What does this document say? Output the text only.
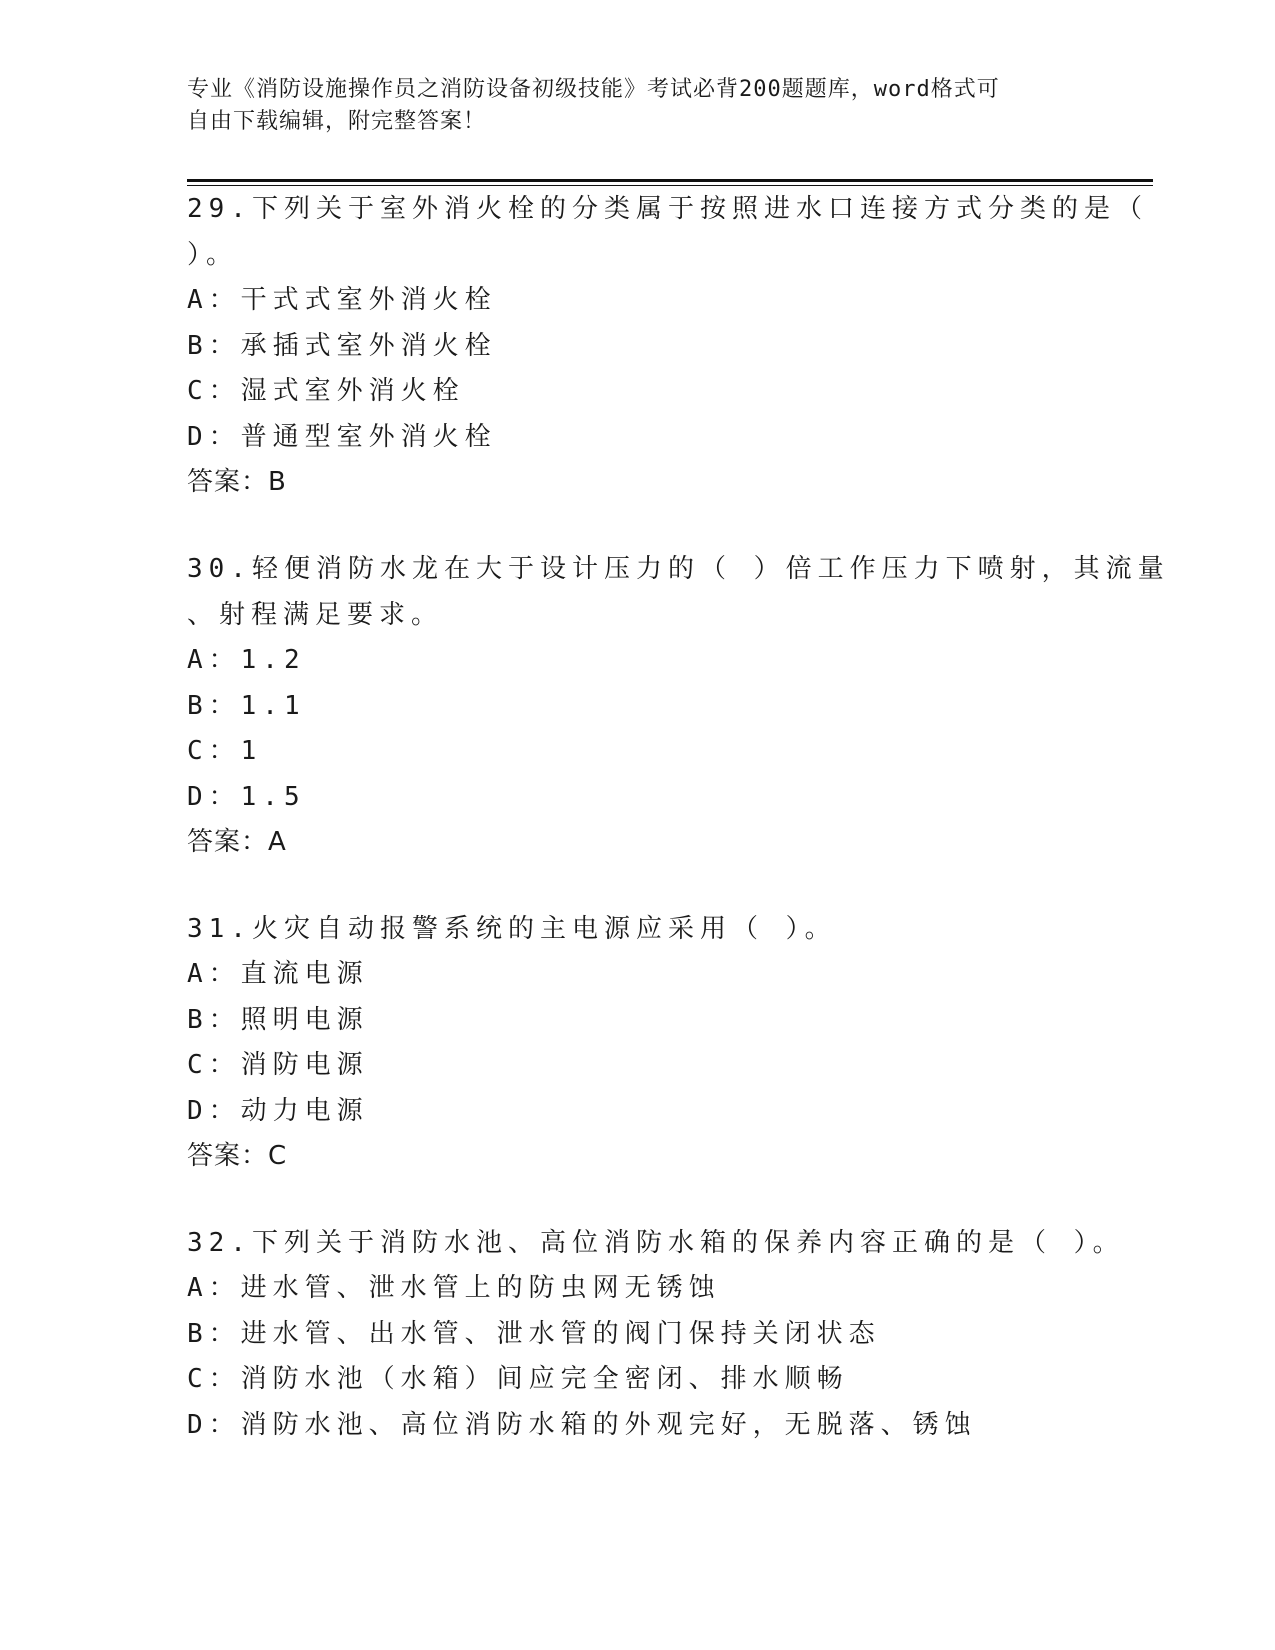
专业《消防设施操作员之消防设备初级技能》考试必背200题题库，word格式可
自由下载编辑，附完整答案！
29.下列关于室外消火栓的分类属于按照进水口连接方式分类的是（
）。
A：干式式室外消火栓
B：承插式室外消火栓
C：湿式室外消火栓
D：普通型室外消火栓
答案：B
30.轻便消防水龙在大于设计压力的（ ）倍工作压力下喷射，其流量
、射程满足要求。
A：1.2
B：1.1
C：1
D：1.5
答案：A
31.火灾自动报警系统的主电源应采用（ ）。
A：直流电源
B：照明电源
C：消防电源
D：动力电源
答案：C
32.下列关于消防水池、高位消防水箱的保养内容正确的是（ ）。
A：进水管、泄水管上的防虫网无锈蚀
B：进水管、出水管、泄水管的阀门保持关闭状态
C：消防水池（水箱）间应完全密闭、排水顺畅
D：消防水池、高位消防水箱的外观完好，无脱落、锈蚀
